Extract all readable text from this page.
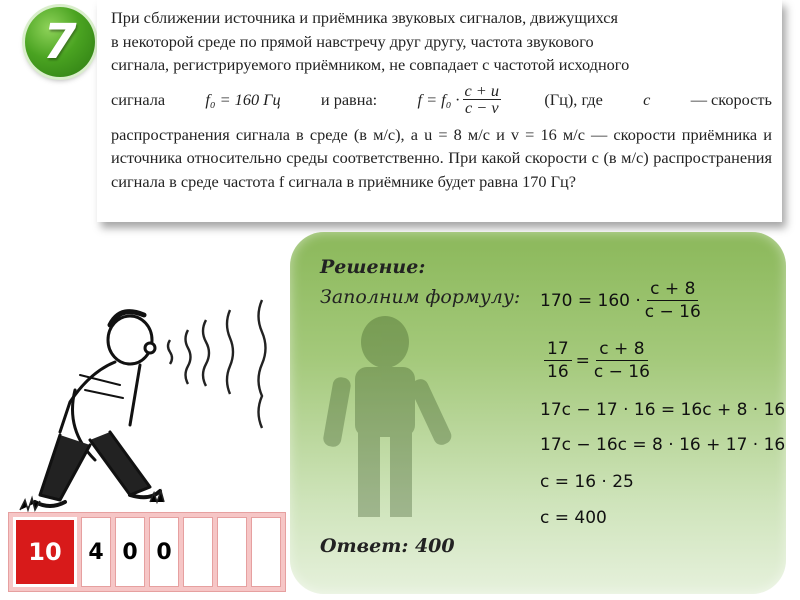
7 При сближении источника и приёмника звуковых сигналов, движущихся

в некоторой среде по прямой навстречу друг другу, частота звукового

сигнала, регистрируемого приёмником, не совпадает с частотой исходного

сигнала f₀ = 160 Гц и равна: $f = f_0 \cdot \frac{c + u}{c - v}$	(Гц), где c — скорость

распространения сигнала в среде (в м/с), а u = 8 м/с и v = 16 м/с — скорости приёмника и источника относительно среды соответственно. При какой скорости c (в м/с) распространения сигнала в среде частота f сигнала в приёмнике будет равна 170 Гц?

Решение:
Заполним формулу: $170 = 160 \cdot \frac{c + 8}{c - 16}$
$\frac{17}{16} = \frac{c + 8}{c - 16}$
17c − 17 · 16 = 16c + 8 · 16
17c − 16c = 8 · 16 + 17 · 16
c = 16 · 25
c = 400
Ответ: 400
10	4 0 0
